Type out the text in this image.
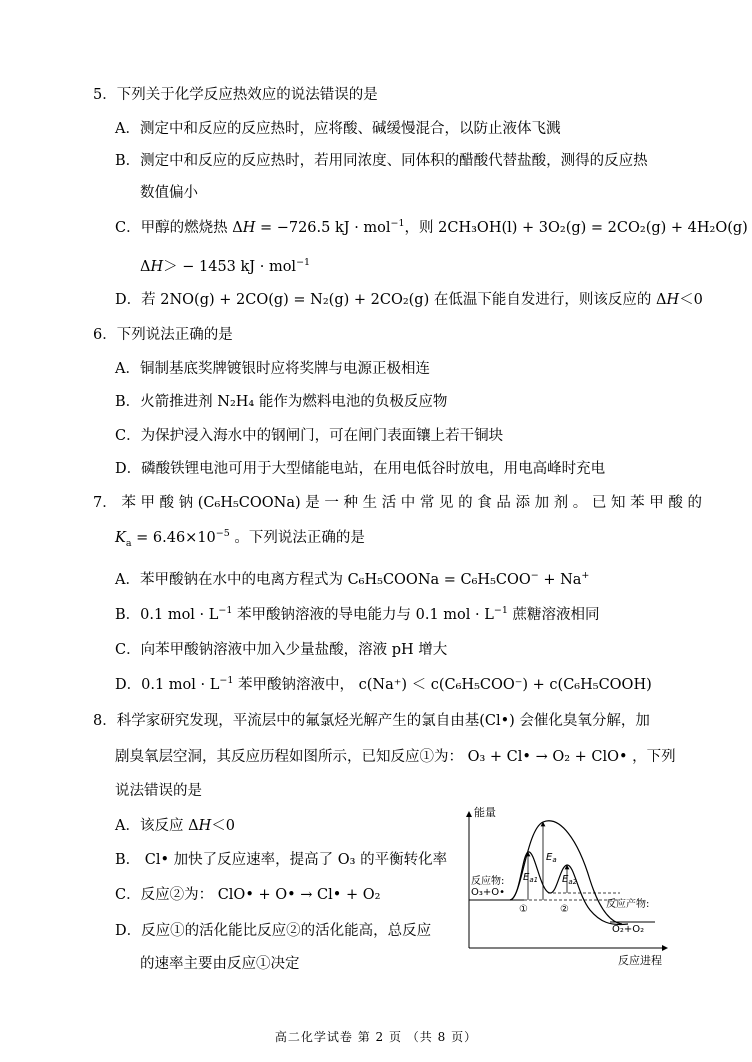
5．下列关于化学反应热效应的说法错误的是
A．测定中和反应的反应热时，应将酸、碱缓慢混合，以防止液体飞溅
B．测定中和反应的反应热时，若用同浓度、同体积的醋酸代替盐酸，测得的反应热
数值偏小
C．甲醇的燃烧热 ΔH = −726.5 kJ · mol$^{-1}$，则 2CH₃OH(l) + 3O₂(g) = 2CO₂(g) + 4H₂O(g)
ΔH＞ − 1453 kJ · mol$^{-1}$
D．若 2NO(g) + 2CO(g) = N₂(g) + 2CO₂(g) 在低温下能自发进行，则该反应的 ΔH＜0
6．下列说法正确的是
A．铜制基底奖牌镀银时应将奖牌与电源正极相连
B．火箭推进剂 N₂H₄ 能作为燃料电池的负极反应物
C．为保护浸入海水中的钢闸门，可在闸门表面镶上若干铜块
D．磷酸铁锂电池可用于大型储能电站，在用电低谷时放电，用电高峰时充电
7． 苯 甲 酸 钠 (C₆H₅COONa) 是 一 种 生 活 中 常 见 的 食 品 添 加 剂 。 已 知 苯 甲 酸 的
$K_a = 6.46\times 10^{-5}$ 。下列说法正确的是
A．苯甲酸钠在水中的电离方程式为 C₆H₅COONa = C₆H₅COO− + Na+
B．0.1 mol · $L^{-1}$ 苯甲酸钠溶液的导电能力与 0.1 mol · $L^{-1}$ 蔗糖溶液相同
C．向苯甲酸钠溶液中加入少量盐酸，溶液 pH 增大
D．0.1 mol · $L^{-1}$ 苯甲酸钠溶液中， c(Na⁺) ＜ c(C₆H₅COO⁻) + c(C₆H₅COOH)
8．科学家研究发现，平流层中的氟氯烃光解产生的氯自由基(Cl•) 会催化臭氧分解，加
剧臭氧层空洞，其反应历程如图所示，已知反应①为： O₃ + Cl• → O₂ + ClO• ，下列
说法错误的是
A．该反应 ΔH＜0
B． Cl• 加快了反应速率，提高了 O₃ 的平衡转化率
C．反应②为： ClO• + O• → Cl• + O₂
D．反应①的活化能比反应②的活化能高，总反应
的速率主要由反应①决定
能量
反应进程
$E_a$
$E_{a1}$ $E_{a2}$
①	②
反应物:
O₃+O•
反应产物:
O₂+O₂
高二化学试卷 第 2 页 （共 8 页）
